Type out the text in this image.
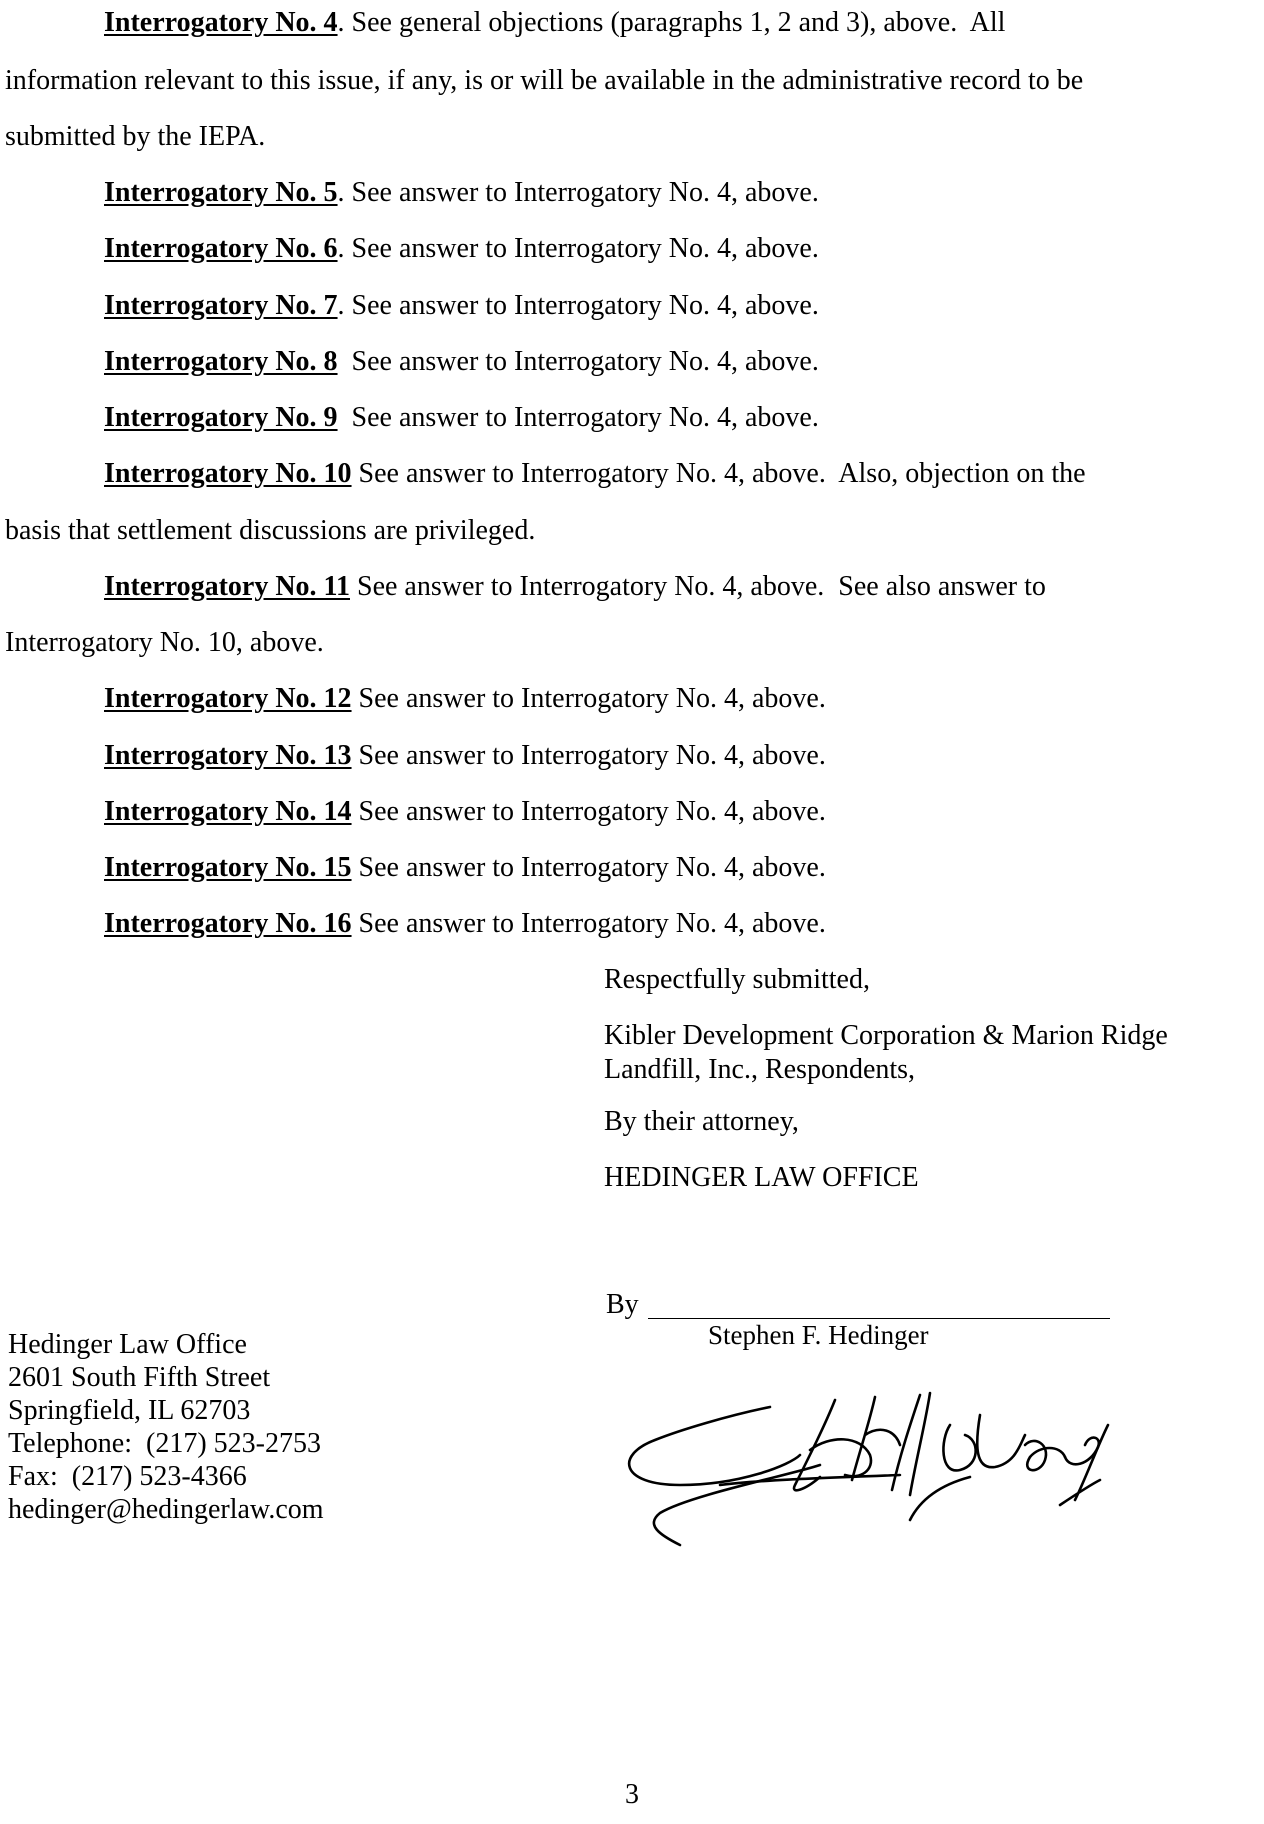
Interrogatory No. 4. See general objections (paragraphs 1, 2 and 3), above.  All
information relevant to this issue, if any, is or will be available in the administrative record to be
submitted by the IEPA.
Interrogatory No. 5. See answer to Interrogatory No. 4, above.
Interrogatory No. 6. See answer to Interrogatory No. 4, above.
Interrogatory No. 7. See answer to Interrogatory No. 4, above.
Interrogatory No. 8  See answer to Interrogatory No. 4, above.
Interrogatory No. 9  See answer to Interrogatory No. 4, above.
Interrogatory No. 10 See answer to Interrogatory No. 4, above.  Also, objection on the
basis that settlement discussions are privileged.
Interrogatory No. 11 See answer to Interrogatory No. 4, above.  See also answer to
Interrogatory No. 10, above.
Interrogatory No. 12 See answer to Interrogatory No. 4, above.
Interrogatory No. 13 See answer to Interrogatory No. 4, above.
Interrogatory No. 14 See answer to Interrogatory No. 4, above.
Interrogatory No. 15 See answer to Interrogatory No. 4, above.
Interrogatory No. 16 See answer to Interrogatory No. 4, above.
Respectfully submitted,
Kibler Development Corporation & Marion Ridge
Landfill, Inc., Respondents,
By their attorney,
HEDINGER LAW OFFICE
By
Stephen F. Hedinger
Hedinger Law Office
2601 South Fifth Street
Springfield, IL 62703
Telephone:  (217) 523-2753
Fax:  (217) 523-4366
hedinger@hedingerlaw.com
3
